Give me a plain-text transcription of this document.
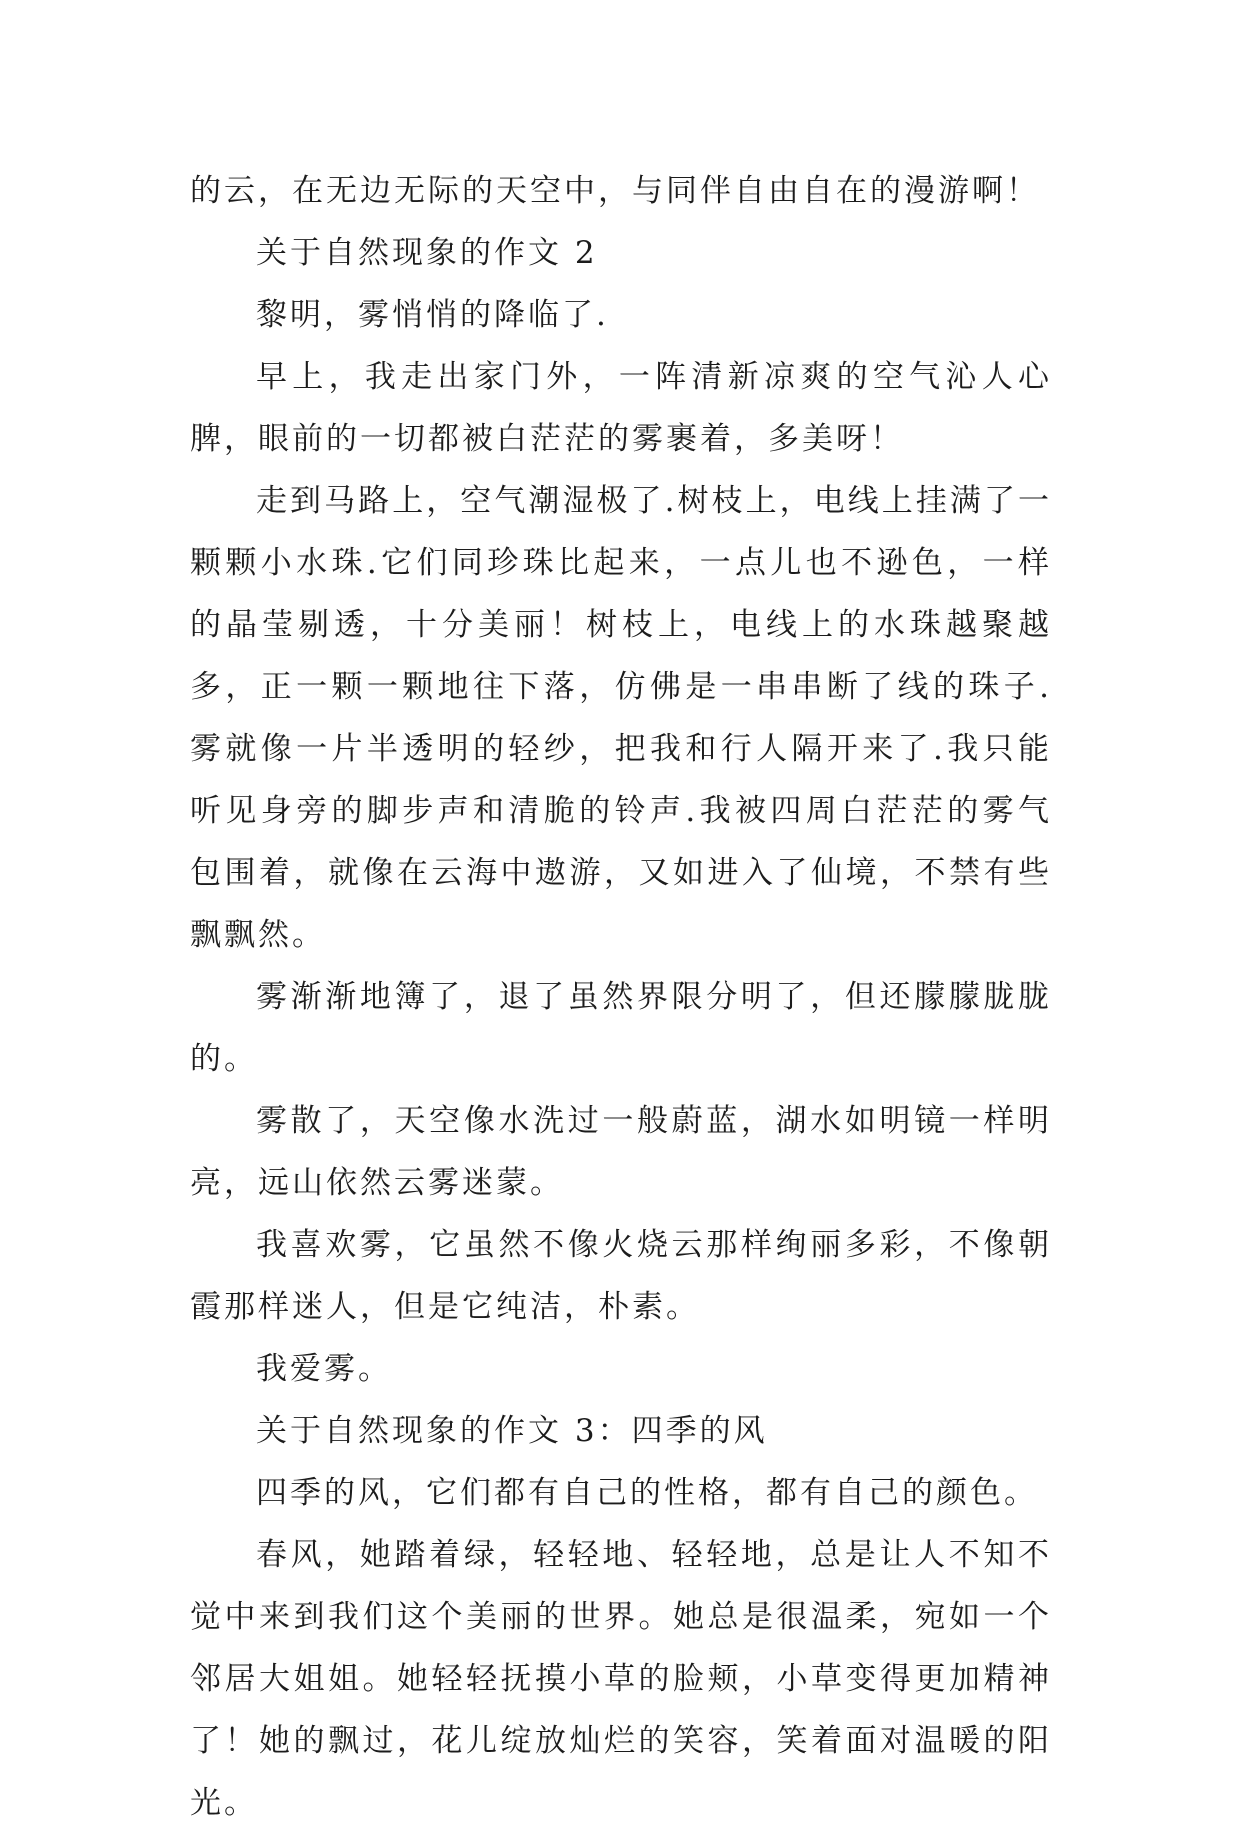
的云，在无边无际的天空中，与同伴自由自在的漫游啊！

关于自然现象的作文 2

黎明，雾悄悄的降临了.

早上，我走出家门外，一阵清新凉爽的空气沁人心脾，眼前的一切都被白茫茫的雾裹着，多美呀！

走到马路上，空气潮湿极了.树枝上，电线上挂满了一颗颗小水珠.它们同珍珠比起来，一点儿也不逊色，一样的晶莹剔透，十分美丽！树枝上，电线上的水珠越聚越多，正一颗一颗地往下落，仿佛是一串串断了线的珠子.雾就像一片半透明的轻纱，把我和行人隔开来了.我只能听见身旁的脚步声和清脆的铃声.我被四周白茫茫的雾气包围着，就像在云海中遨游，又如进入了仙境，不禁有些飘飘然。

雾渐渐地簿了，退了虽然界限分明了，但还朦朦胧胧的。

雾散了，天空像水洗过一般蔚蓝，湖水如明镜一样明亮，远山依然云雾迷蒙。

我喜欢雾，它虽然不像火烧云那样绚丽多彩，不像朝霞那样迷人，但是它纯洁，朴素。

我爱雾。

关于自然现象的作文 3：四季的风

四季的风，它们都有自己的性格，都有自己的颜色。

春风，她踏着绿，轻轻地、轻轻地，总是让人不知不觉中来到我们这个美丽的世界。她总是很温柔，宛如一个邻居大姐姐。她轻轻抚摸小草的脸颊，小草变得更加精神了！她的飘过，花儿绽放灿烂的笑容，笑着面对温暖的阳光。
